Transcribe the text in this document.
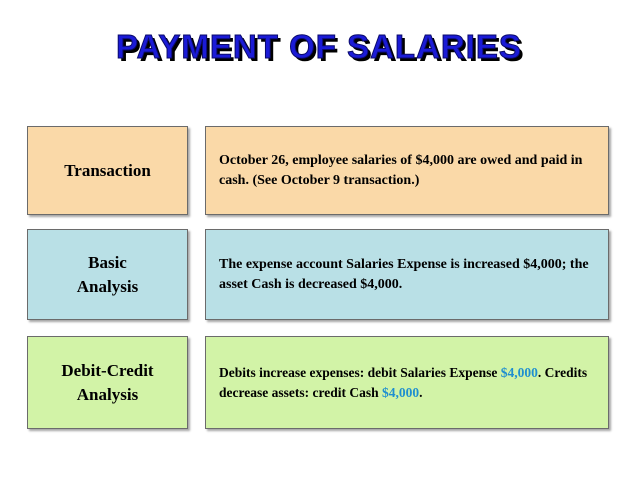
PAYMENT OF SALARIES
Transaction
October 26, employee salaries of $4,000 are owed and paid in cash. (See October 9 transaction.)
Basic
Analysis
The expense account Salaries Expense is increased $4,000; the asset Cash is decreased $4,000.
Debit-Credit
Analysis
Debits increase expenses: debit Salaries Expense $4,000. Credits decrease assets: credit Cash $4,000.
